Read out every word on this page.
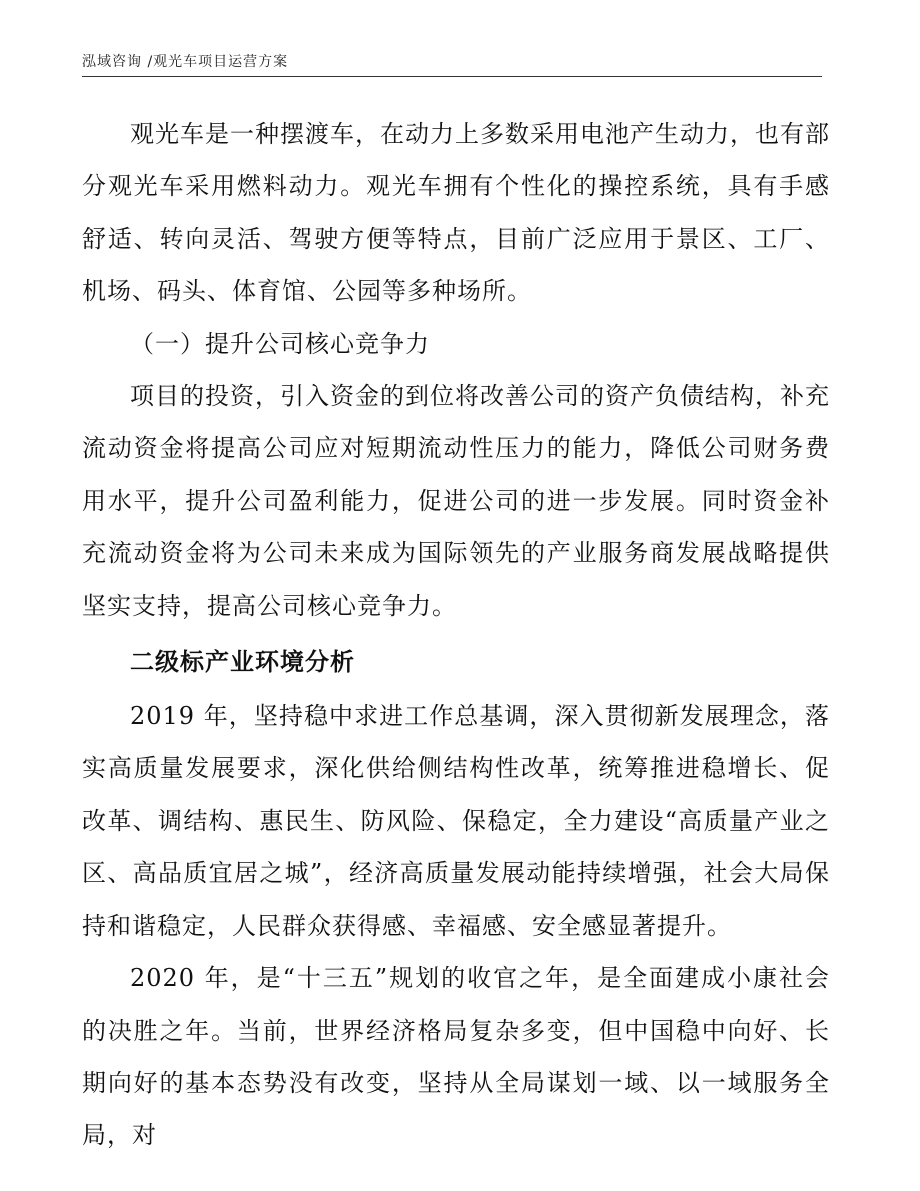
泓域咨询 /观光车项目运营方案

观光车是一种摆渡车，在动力上多数采用电池产生动力，也有部分观光车采用燃料动力。观光车拥有个性化的操控系统，具有手感舒适、转向灵活、驾驶方便等特点，目前广泛应用于景区、工厂、机场、码头、体育馆、公园等多种场所。

（一）提升公司核心竞争力

项目的投资，引入资金的到位将改善公司的资产负债结构，补充流动资金将提高公司应对短期流动性压力的能力，降低公司财务费用水平，提升公司盈利能力，促进公司的进一步发展。同时资金补充流动资金将为公司未来成为国际领先的产业服务商发展战略提供坚实支持，提高公司核心竞争力。

二级标产业环境分析

2019 年，坚持稳中求进工作总基调，深入贯彻新发展理念，落实高质量发展要求，深化供给侧结构性改革，统筹推进稳增长、促改革、调结构、惠民生、防风险、保稳定，全力建设“高质量产业之区、高品质宜居之城”，经济高质量发展动能持续增强，社会大局保持和谐稳定，人民群众获得感、幸福感、安全感显著提升。

2020 年，是“十三五”规划的收官之年，是全面建成小康社会的决胜之年。当前，世界经济格局复杂多变，但中国稳中向好、长期向好的基本态势没有改变，坚持从全局谋划一域、以一域服务全局，对
